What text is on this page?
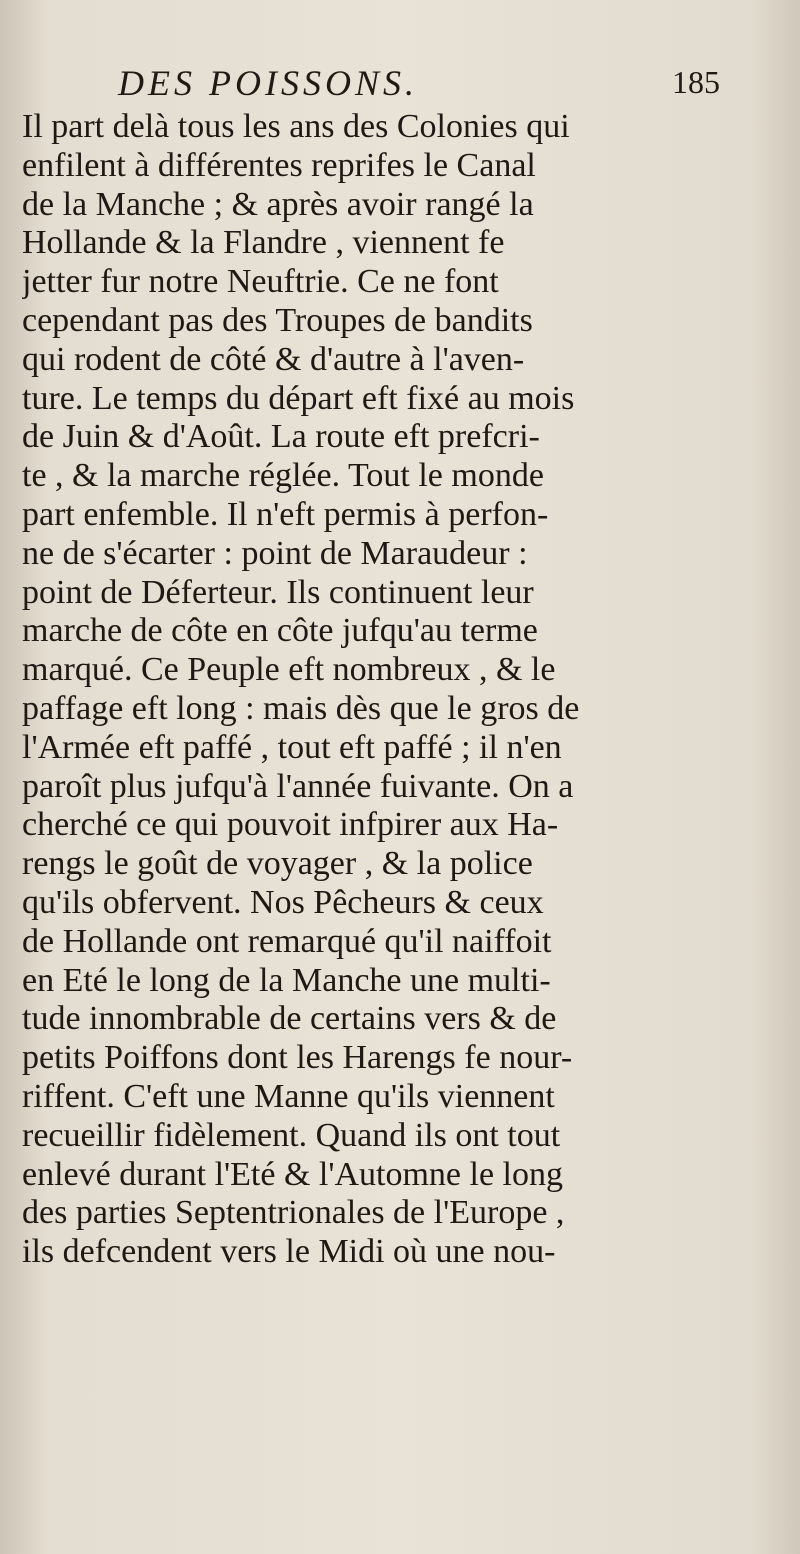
DES POISSONS.	185
Il part delà tous les ans des Colonies qui
enfilent à différentes reprifes le Canal
de la Manche ; & après avoir rangé la
Hollande & la Flandre , viennent fe
jetter fur notre Neuftrie. Ce ne font
cependant pas des Troupes de bandits
qui rodent de côté & d'autre à l'aven-
ture. Le temps du départ eft fixé au mois
de Juin & d'Août. La route eft prefcri-
te , & la marche réglée. Tout le monde
part enfemble. Il n'eft permis à perfon-
ne de s'écarter : point de Maraudeur :
point de Déferteur. Ils continuent leur
marche de côte en côte jufqu'au terme
marqué. Ce Peuple eft nombreux , & le
paffage eft long : mais dès que le gros de
l'Armée eft paffé , tout eft paffé ; il n'en
paroît plus jufqu'à l'année fuivante. On a
cherché ce qui pouvoit infpirer aux Ha-
rengs le goût de voyager , & la police
qu'ils obfervent. Nos Pêcheurs & ceux
de Hollande ont remarqué qu'il naiffoit
en Eté le long de la Manche une multi-
tude innombrable de certains vers & de
petits Poiffons dont les Harengs fe nour-
riffent. C'eft une Manne qu'ils viennent
recueillir fidèlement. Quand ils ont tout
enlevé durant l'Eté & l'Automne le long
des parties Septentrionales de l'Europe ,
ils defcendent vers le Midi où une nou-
